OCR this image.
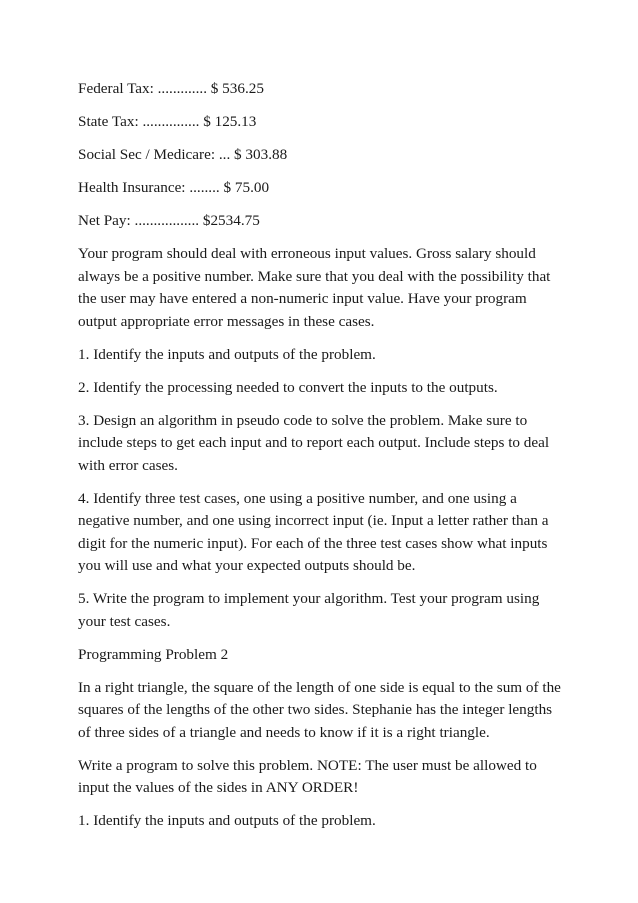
Federal Tax: ............. $ 536.25

State Tax: ............... $ 125.13

Social Sec / Medicare: ... $ 303.88

Health Insurance: ........ $ 75.00

Net Pay: ................. $2534.75

Your program should deal with erroneous input values. Gross salary should always be a positive number. Make sure that you deal with the possibility that the user may have entered a non-numeric input value. Have your program output appropriate error messages in these cases.

1. Identify the inputs and outputs of the problem.

2. Identify the processing needed to convert the inputs to the outputs.

3. Design an algorithm in pseudo code to solve the problem. Make sure to include steps to get each input and to report each output. Include steps to deal with error cases.

4. Identify three test cases, one using a positive number, and one using a negative number, and one using incorrect input (ie. Input a letter rather than a digit for the numeric input). For each of the three test cases show what inputs you will use and what your expected outputs should be.

5. Write the program to implement your algorithm. Test your program using your test cases.

Programming Problem 2

In a right triangle, the square of the length of one side is equal to the sum of the squares of the lengths of the other two sides. Stephanie has the integer lengths of three sides of a triangle and needs to know if it is a right triangle.

Write a program to solve this problem. NOTE: The user must be allowed to input the values of the sides in ANY ORDER!

1. Identify the inputs and outputs of the problem.
